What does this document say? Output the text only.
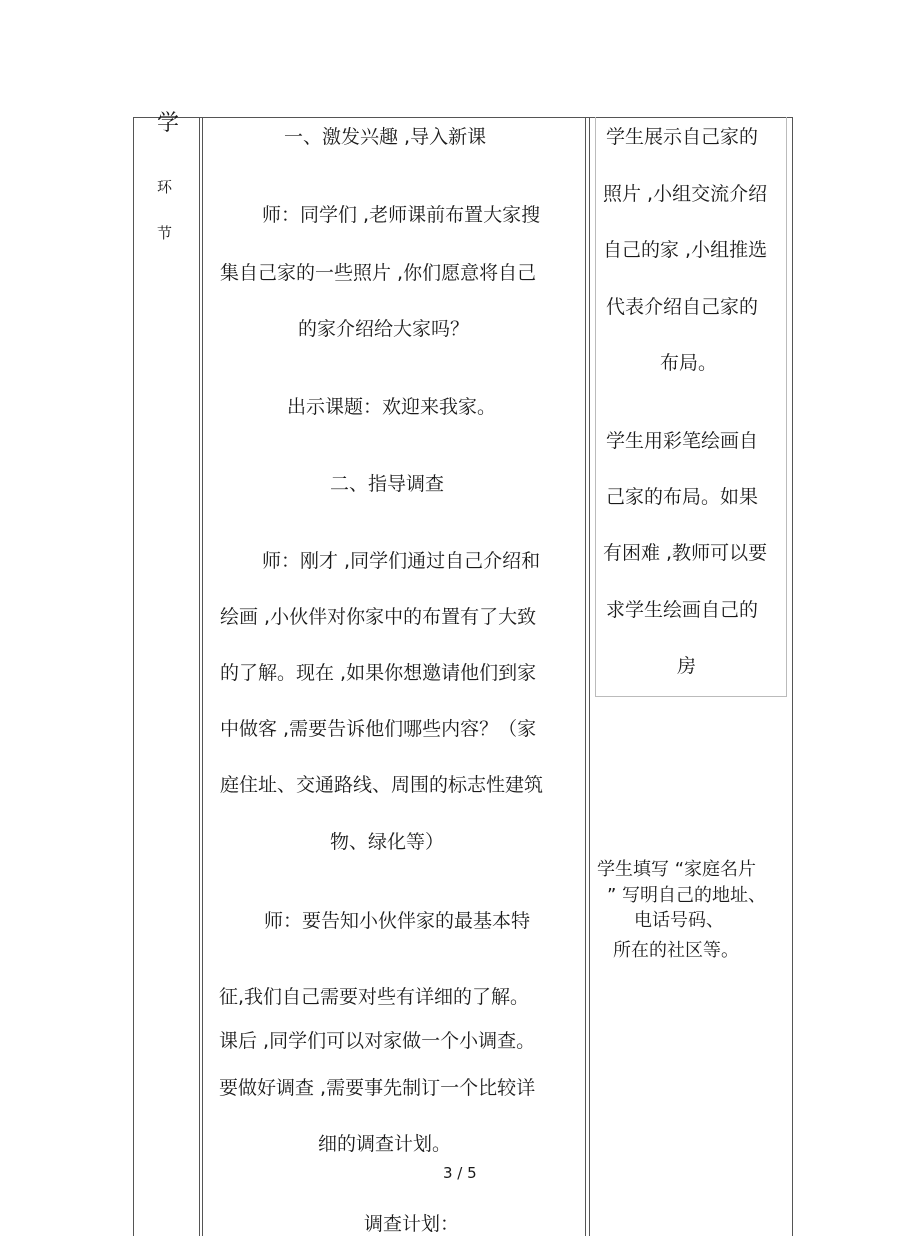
学
环
节
一、激发兴趣 ,导入新课
师：同学们 ,老师课前布置大家搜
集自己家的一些照片 ,你们愿意将自己
的家介绍给大家吗？
出示课题：欢迎来我家。
二、指导调查
师：刚才 ,同学们通过自己介绍和
绘画 ,小伙伴对你家中的布置有了大致
的了解。现在 ,如果你想邀请他们到家
中做客 ,需要告诉他们哪些内容？（家
庭住址、交通路线、周围的标志性建筑
物、绿化等）
师：要告知小伙伴家的最基本特
征,我们自己需要对些有详细的了解。
课后 ,同学们可以对家做一个小调查。
要做好调查 ,需要事先制订一个比较详
细的调查计划。
调查计划：
学生展示自己家的
照片 ,小组交流介绍
自己的家 ,小组推选
代表介绍自己家的
布局。
学生用彩笔绘画自
己家的布局。如果
有困难 ,教师可以要
求学生绘画自己的
房
学生填写 “家庭名片
” 写明自己的地址、
电话号码、
所在的社区等。
3 / 5
